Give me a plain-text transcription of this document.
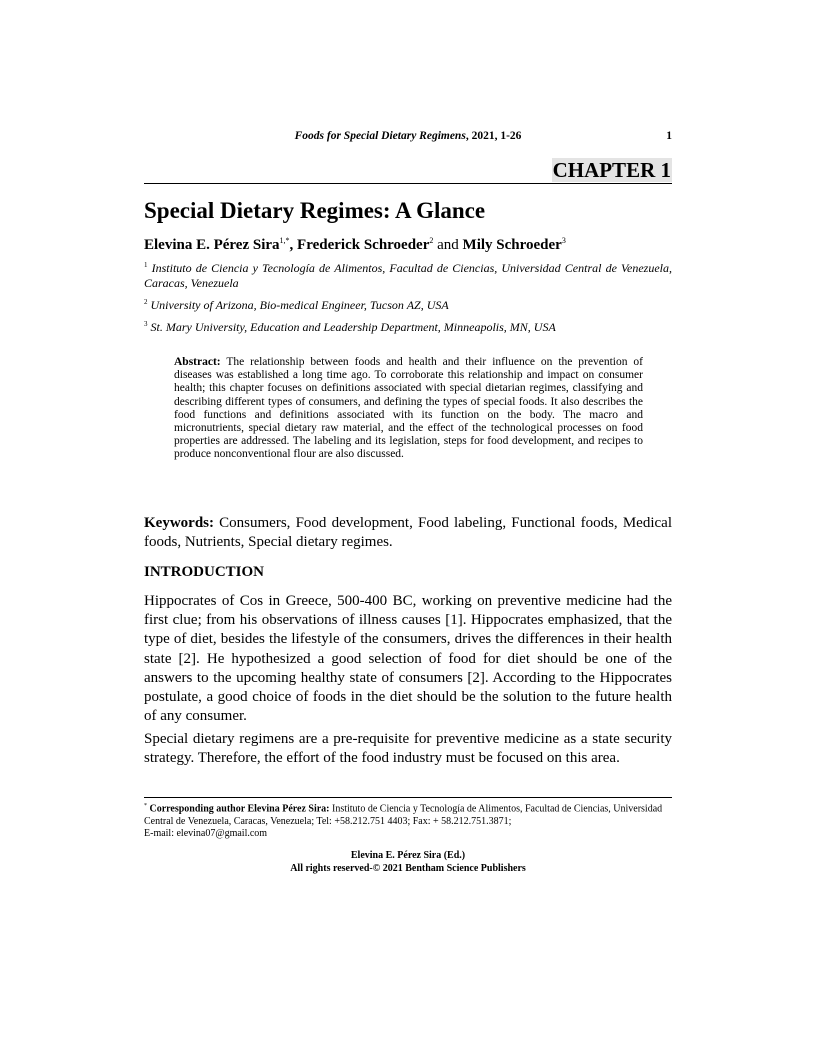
Foods for Special Dietary Regimens, 2021, 1-26	1
CHAPTER 1
Special Dietary Regimes: A Glance
Elevina E. Pérez Sira$^{1,*}$, Frederick Schroeder$^2$ and Mily Schroeder$^3$
$^1$ Instituto de Ciencia y Tecnología de Alimentos, Facultad de Ciencias, Universidad Central de Venezuela, Caracas, Venezuela
$^2$ University of Arizona, Bio-medical Engineer, Tucson AZ, USA
$^3$ St. Mary University, Education and Leadership Department, Minneapolis, MN, USA
Abstract: The relationship between foods and health and their influence on the prevention of diseases was established a long time ago. To corroborate this relationship and impact on consumer health; this chapter focuses on definitions associated with special dietarian regimes, classifying and describing different types of consumers, and defining the types of special foods. It also describes the food functions and definitions associated with its function on the body. The macro and micronutrients, special dietary raw material, and the effect of the technological processes on food properties are addressed. The labeling and its legislation, steps for food development, and recipes to produce nonconventional flour are also discussed.
Keywords: Consumers, Food development, Food labeling, Functional foods, Medical foods, Nutrients, Special dietary regimes.
INTRODUCTION

Hippocrates of Cos in Greece, 500-400 BC, working on preventive medicine had the first clue; from his observations of illness causes [1]. Hippocrates emphasized, that the type of diet, besides the lifestyle of the consumers, drives the differences in their health state [2]. He hypothesized a good selection of food for diet should be one of the answers to the upcoming healthy state of consumers [2]. According to the Hippocrates postulate, a good choice of foods in the diet should be the solution to the future health of any consumer.

Special dietary regimens are a pre-requisite for preventive medicine as a state security strategy. Therefore, the effort of the food industry must be focused on this area.

* Corresponding author Elevina Pérez Sira: Instituto de Ciencia y Tecnología de Alimentos, Facultad de Ciencias, Universidad Central de Venezuela, Caracas, Venezuela; Tel: +58.212.751 4403; Fax: + 58.212.751.3871;
E-mail: elevina07@gmail.com
Elevina E. Pérez Sira (Ed.)
All rights reserved-© 2021 Bentham Science Publishers
